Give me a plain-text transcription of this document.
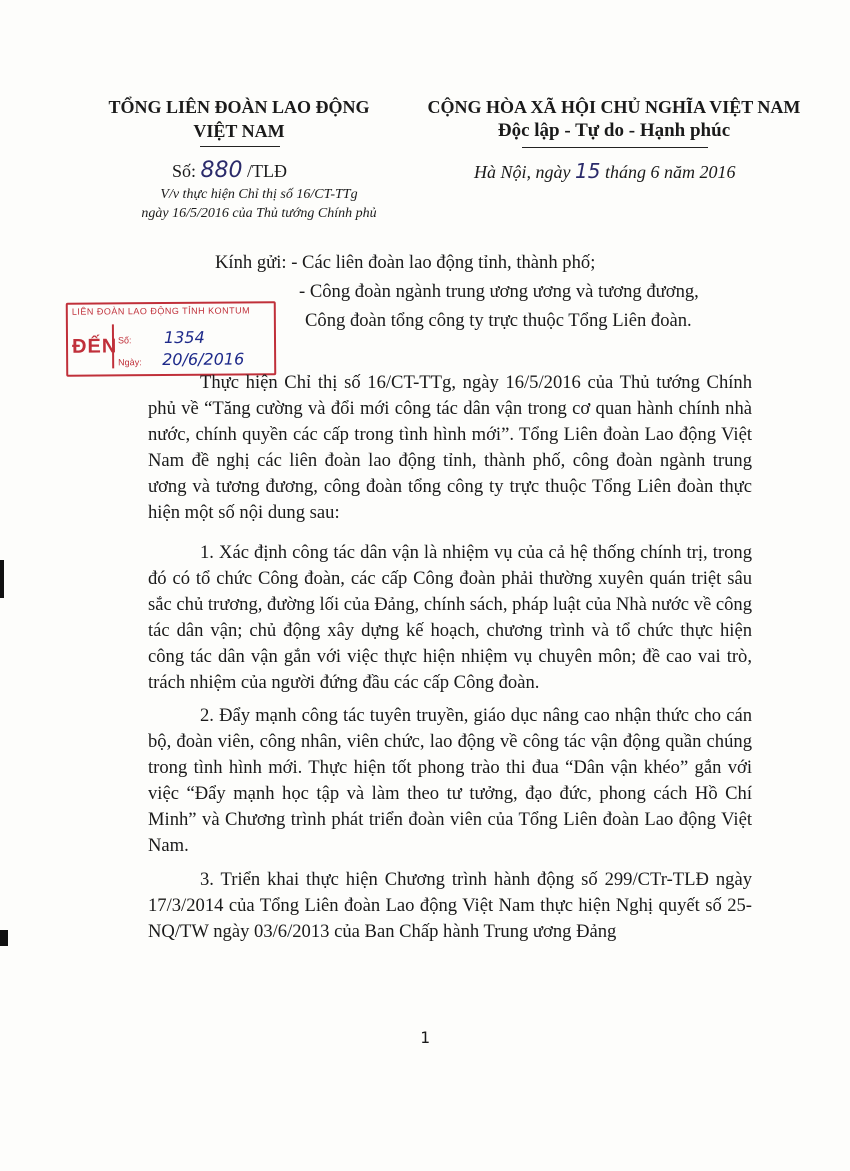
TỔNG LIÊN ĐOÀN LAO ĐỘNG
VIỆT NAM
CỘNG HÒA XÃ HỘI CHỦ NGHĨA VIỆT NAM
Độc lập - Tự do - Hạnh phúc
Số: 880 /TLĐ	Hà Nội, ngày 15 tháng 6 năm 2016
V/v thực hiện Chỉ thị số 16/CT-TTg
ngày 16/5/2016 của Thủ tướng Chính phủ
Kính gửi: - Các liên đoàn lao động tỉnh, thành phố;
- Công đoàn ngành trung ương ương và tương đương,
Công đoàn tổng công ty trực thuộc Tổng Liên đoàn.
LIÊN ĐOÀN LAO ĐỘNG TỈNH KONTUM
ĐẾN Số: 1354
Ngày: 20/6/2016
Thực hiện Chỉ thị số 16/CT-TTg, ngày 16/5/2016 của Thủ tướng Chính phủ về “Tăng cường và đổi mới công tác dân vận trong cơ quan hành chính nhà nước, chính quyền các cấp trong tình hình mới”. Tổng Liên đoàn Lao động Việt Nam đề nghị các liên đoàn lao động tỉnh, thành phố, công đoàn ngành trung ương và tương đương, công đoàn tổng công ty trực thuộc Tổng Liên đoàn thực hiện một số nội dung sau:
1. Xác định công tác dân vận là nhiệm vụ của cả hệ thống chính trị, trong đó có tổ chức Công đoàn, các cấp Công đoàn phải thường xuyên quán triệt sâu sắc chủ trương, đường lối của Đảng, chính sách, pháp luật của Nhà nước về công tác dân vận; chủ động xây dựng kế hoạch, chương trình và tổ chức thực hiện công tác dân vận gắn với việc thực hiện nhiệm vụ chuyên môn; đề cao vai trò, trách nhiệm của người đứng đầu các cấp Công đoàn.
2. Đẩy mạnh công tác tuyên truyền, giáo dục nâng cao nhận thức cho cán bộ, đoàn viên, công nhân, viên chức, lao động về công tác vận động quần chúng trong tình hình mới. Thực hiện tốt phong trào thi đua “Dân vận khéo” gắn với việc “Đẩy mạnh học tập và làm theo tư tưởng, đạo đức, phong cách Hồ Chí Minh” và Chương trình phát triển đoàn viên của Tổng Liên đoàn Lao động Việt Nam.
3. Triển khai thực hiện Chương trình hành động số 299/CTr-TLĐ ngày 17/3/2014 của Tổng Liên đoàn Lao động Việt Nam thực hiện Nghị quyết số 25-NQ/TW ngày 03/6/2013 của Ban Chấp hành Trung ương Đảng
1
